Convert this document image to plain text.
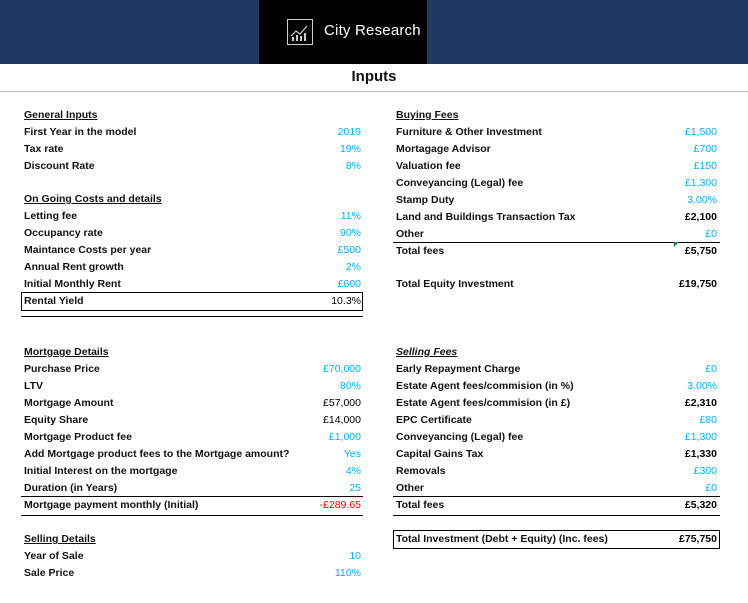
City Research
Inputs
General Inputs
First Year in the model	2019
Tax rate	19%
Discount Rate	8%
On Going Costs and details
Letting fee	11%
Occupancy rate	90%
Maintance Costs per year	£500
Annual Rent growth	2%
Initial Monthly Rent	£600
Rental Yield	10.3%
Mortgage Details
Purchase Price	£70,000
LTV	80%
Mortgage Amount	£57,000
Equity Share	£14,000
Mortgage Product fee	£1,000
Add Mortgage product fees to the Mortgage amount?	Yes
Initial Interest on the mortgage	4%
Duration (in Years)	25
Mortgage payment monthly (Initial)	-£289.65
Selling Details
Year of Sale	10
Sale Price	110%
Buying Fees
Furniture & Other Investment	£1,500
Mortagage Advisor	£700
Valuation fee	£150
Conveyancing (Legal) fee	£1,300
Stamp Duty	3.00%
Land and Buildings Transaction Tax	£2,100
Other	£0
Total fees	£5,750
Total Equity Investment	£19,750
Selling Fees
Early Repayment Charge	£0
Estate Agent fees/commision (in %)	3.00%
Estate Agent fees/commision (in £)	£2,310
EPC Certificate	£80
Conveyancing (Legal) fee	£1,300
Capital Gains Tax	£1,330
Removals	£300
Other	£0
Total fees	£5,320
Total Investment (Debt + Equity) (Inc. fees)	£75,750
